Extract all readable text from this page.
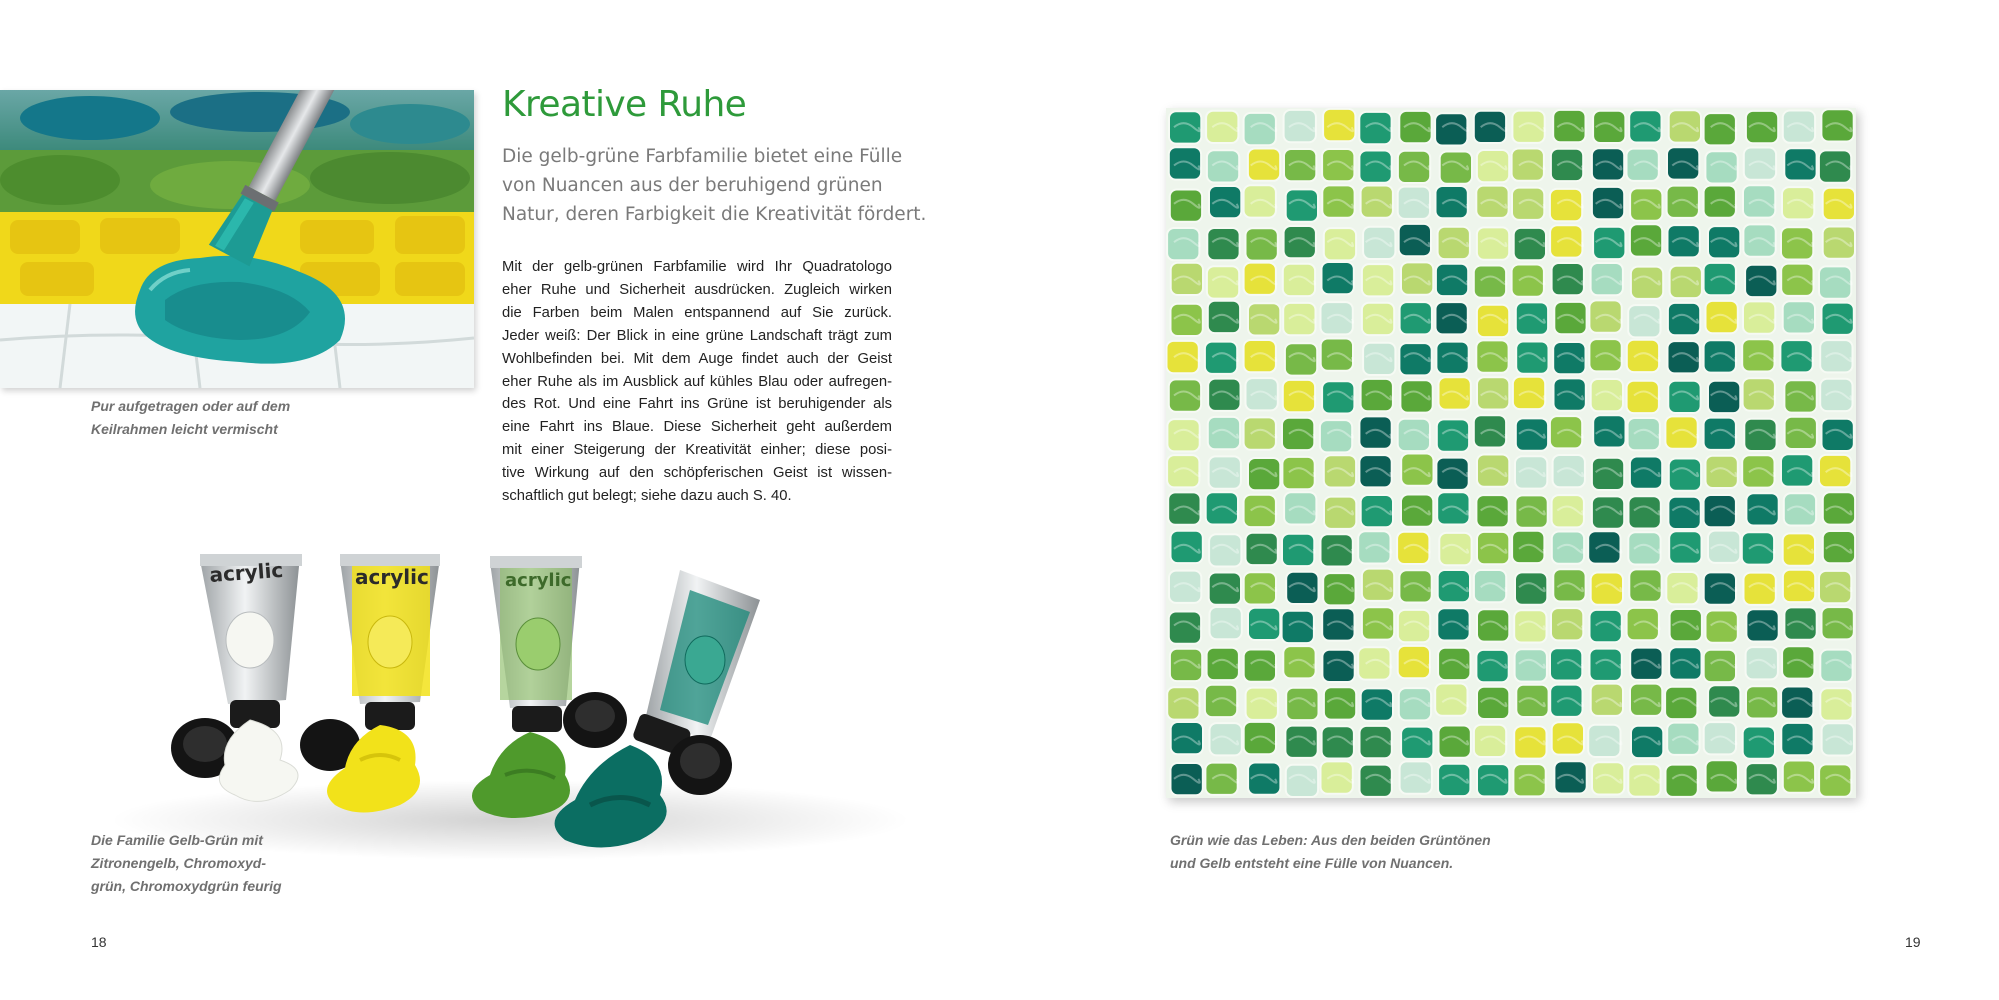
Pur aufgetragen oder auf dem
Keilrahmen leicht vermischt

Kreative Ruhe
Die gelb-grüne Farbfamilie bietet eine Fülle
von Nuancen aus der beruhigend grünen
Natur, deren Farbigkeit die Kreativität fördert.
Mit der gelb-grünen Farbfamilie wird Ihr Quadratologo
eher Ruhe und Sicherheit ausdrücken. Zugleich wirken
die Farben beim Malen entspannend auf Sie zurück.
Jeder weiß: Der Blick in eine grüne Landschaft trägt zum
Wohlbefinden bei. Mit dem Auge findet auch der Geist
eher Ruhe als im Ausblick auf kühles Blau oder aufregen-
des Rot. Und eine Fahrt ins Grüne ist beruhigender als
eine Fahrt ins Blaue. Diese Sicherheit geht außerdem
mit einer Steigerung der Kreativität einher; diese posi-
tive Wirkung auf den schöpferischen Geist ist wissen-
schaftlich gut belegt; siehe dazu auch S. 40.
acrylic	acrylic	acrylic

Die Familie Gelb-Grün mit
Zitronengelb, Chromoxyd-
grün, Chromoxydgrün feurig

18

Grün wie das Leben: Aus den beiden Grüntönen
und Gelb entsteht eine Fülle von Nuancen.

19
